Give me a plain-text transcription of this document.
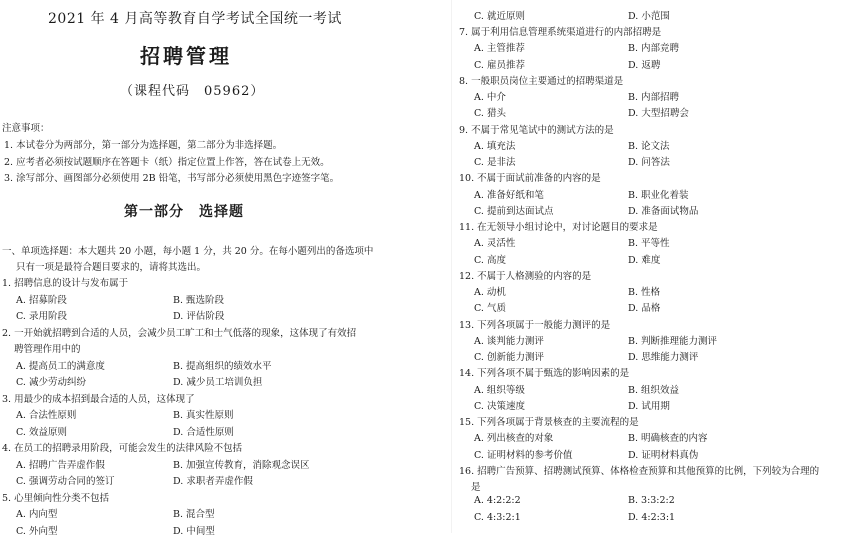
2021 年 4 月高等教育自学考试全国统一考试
招聘管理
（课程代码　05962）
注意事项：
1. 本试卷分为两部分，第一部分为选择题，第二部分为非选择题。
2. 应考者必须按试题顺序在答题卡（纸）指定位置上作答，答在试卷上无效。
3. 涂写部分、画图部分必须使用 2B 铅笔，书写部分必须使用黑色字迹签字笔。
第一部分　选择题
一、单项选择题：本大题共 20 小题，每小题 1 分，共 20 分。在每小题列出的备选项中
只有一项是最符合题目要求的，请将其选出。
1. 招聘信息的设计与发布属于
A. 招募阶段	B. 甄选阶段
C. 录用阶段	D. 评估阶段
2. 一开始就招聘到合适的人员，会减少员工旷工和士气低落的现象，这体现了有效招
聘管理作用中的
A. 提高员工的满意度	B. 提高组织的绩效水平
C. 减少劳动纠纷	D. 减少员工培训负担
3. 用最少的成本招到最合适的人员，这体现了
A. 合法性原则	B. 真实性原则
C. 效益原则	D. 合适性原则
4. 在员工的招聘录用阶段，可能会发生的法律风险不包括
A. 招聘广告弄虚作假	B. 加强宣传教育，消除观念误区
C. 强调劳动合同的签订	D. 求职者弄虚作假
5. 心里倾向性分类不包括
A. 内向型	B. 混合型
C. 外向型	D. 中间型
C. 就近原则	D. 小范围
7. 属于利用信息管理系统渠道进行的内部招聘是
A. 主管推荐	B. 内部竞聘
C. 雇员推荐	D. 返聘
8. 一般职员岗位主要通过的招聘渠道是
A. 中介	B. 内部招聘
C. 猎头	D. 大型招聘会
9. 不属于常见笔试中的测试方法的是
A. 填充法	B. 论文法
C. 是非法	D. 问答法
10. 不属于面试前准备的内容的是
A. 准备好纸和笔	B. 职业化着装
C. 提前到达面试点	D. 准备面试物品
11. 在无领导小组讨论中，对讨论题目的要求是
A. 灵活性	B. 平等性
C. 高度	D. 难度
12. 不属于人格测验的内容的是
A. 动机	B. 性格
C. 气质	D. 品格
13. 下列各项属于一般能力测评的是
A. 谈判能力测评	B. 判断推理能力测评
C. 创新能力测评	D. 思维能力测评
14. 下列各项不属于甄选的影响因素的是
A. 组织等级	B. 组织效益
C. 决策速度	D. 试用期
15. 下列各项属于背景核查的主要流程的是
A. 列出核查的对象	B. 明确核查的内容
C. 证明材料的参考价值	D. 证明材料真伪
16. 招聘广告预算、招聘测试预算、体格检查预算和其他预算的比例，下列较为合理的
是
A. 4:2:2:2	B. 3:3:2:2
C. 4:3:2:1	D. 4:2:3:1
